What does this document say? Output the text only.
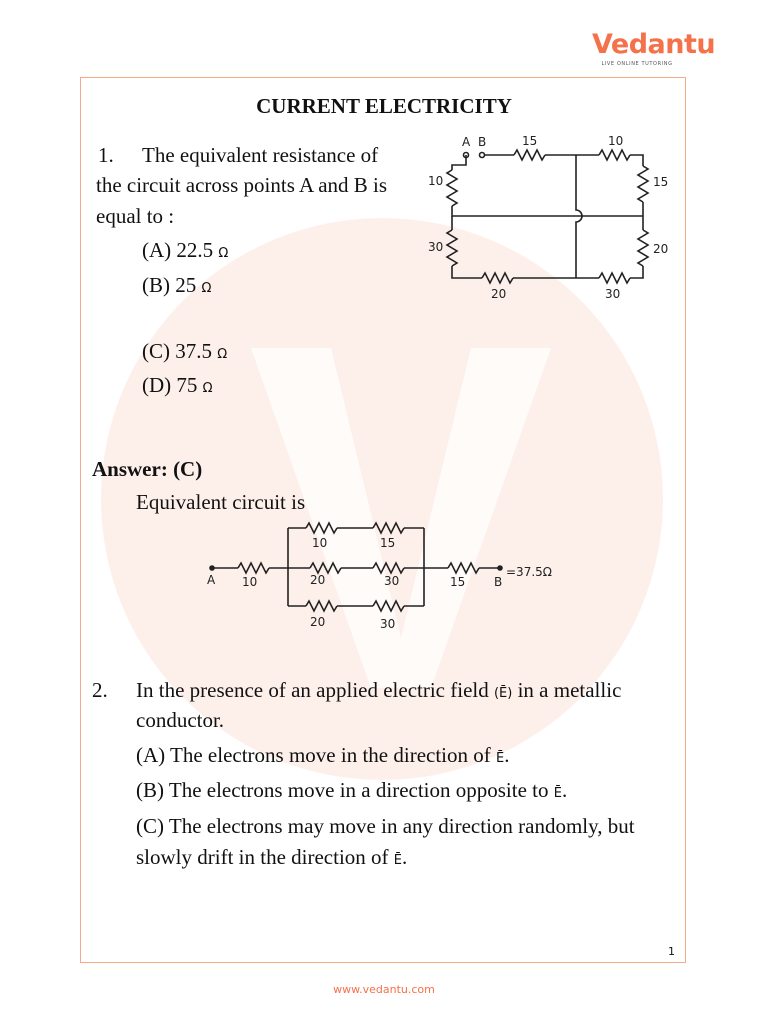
Vedantu
LIVE ONLINE TUTORING
CURRENT ELECTRICITY
1. The equivalent resistance of
the circuit across points A and B is
equal to :
(A) 22.5 Ω
(B) 25 Ω
(C) 37.5 Ω
(D) 75 Ω
A B	15	10
10	15
30	20
20	30
Answer: (C)
Equivalent circuit is
A 10
10	15
20	30
20	30
15 B
=37.5Ω
2. In the presence of an applied electric field (Ē) in a metallic
conductor.
(A) The electrons move in the direction of Ē.
(B) The electrons move in a direction opposite to Ē.
(C) The electrons may move in any direction randomly, but
slowly drift in the direction of Ē.
1
www.vedantu.com
